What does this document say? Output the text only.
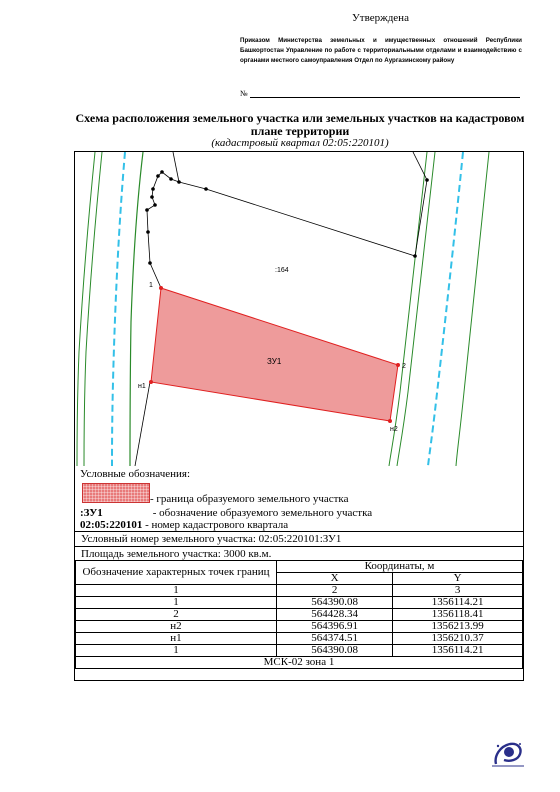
Утверждена
Приказом Министерства земельных и имущественных отношений Республики Башкортостан Управление по работе с территориальными отделами и взаимодействию с органами местного самоуправления Отдел по Аургазинскому району
№
Схема расположения земельного участка или земельных участков на кадастровом плане территории
(кадастровый квартал 02:05:220101)
:164
ЗУ1
1
2
н2
н1
Условные обозначения:
- граница образуемого земельного участка
:ЗУ1	- обозначение образуемого земельного участка
02:05:220101 - номер кадастрового квартала
Условный номер земельного участка: 02:05:220101:ЗУ1
Площадь земельного участка: 3000 кв.м.
Обозначение характерных точек границ	Координаты, м	
	X	Y
1	2	3
1	564390.08	1356114.21
2	564428.34	1356118.41
н2	564396.91	1356213.99
н1	564374.51	1356210.37
1	564390.08	1356114.21
МСК-02 зона 1		
